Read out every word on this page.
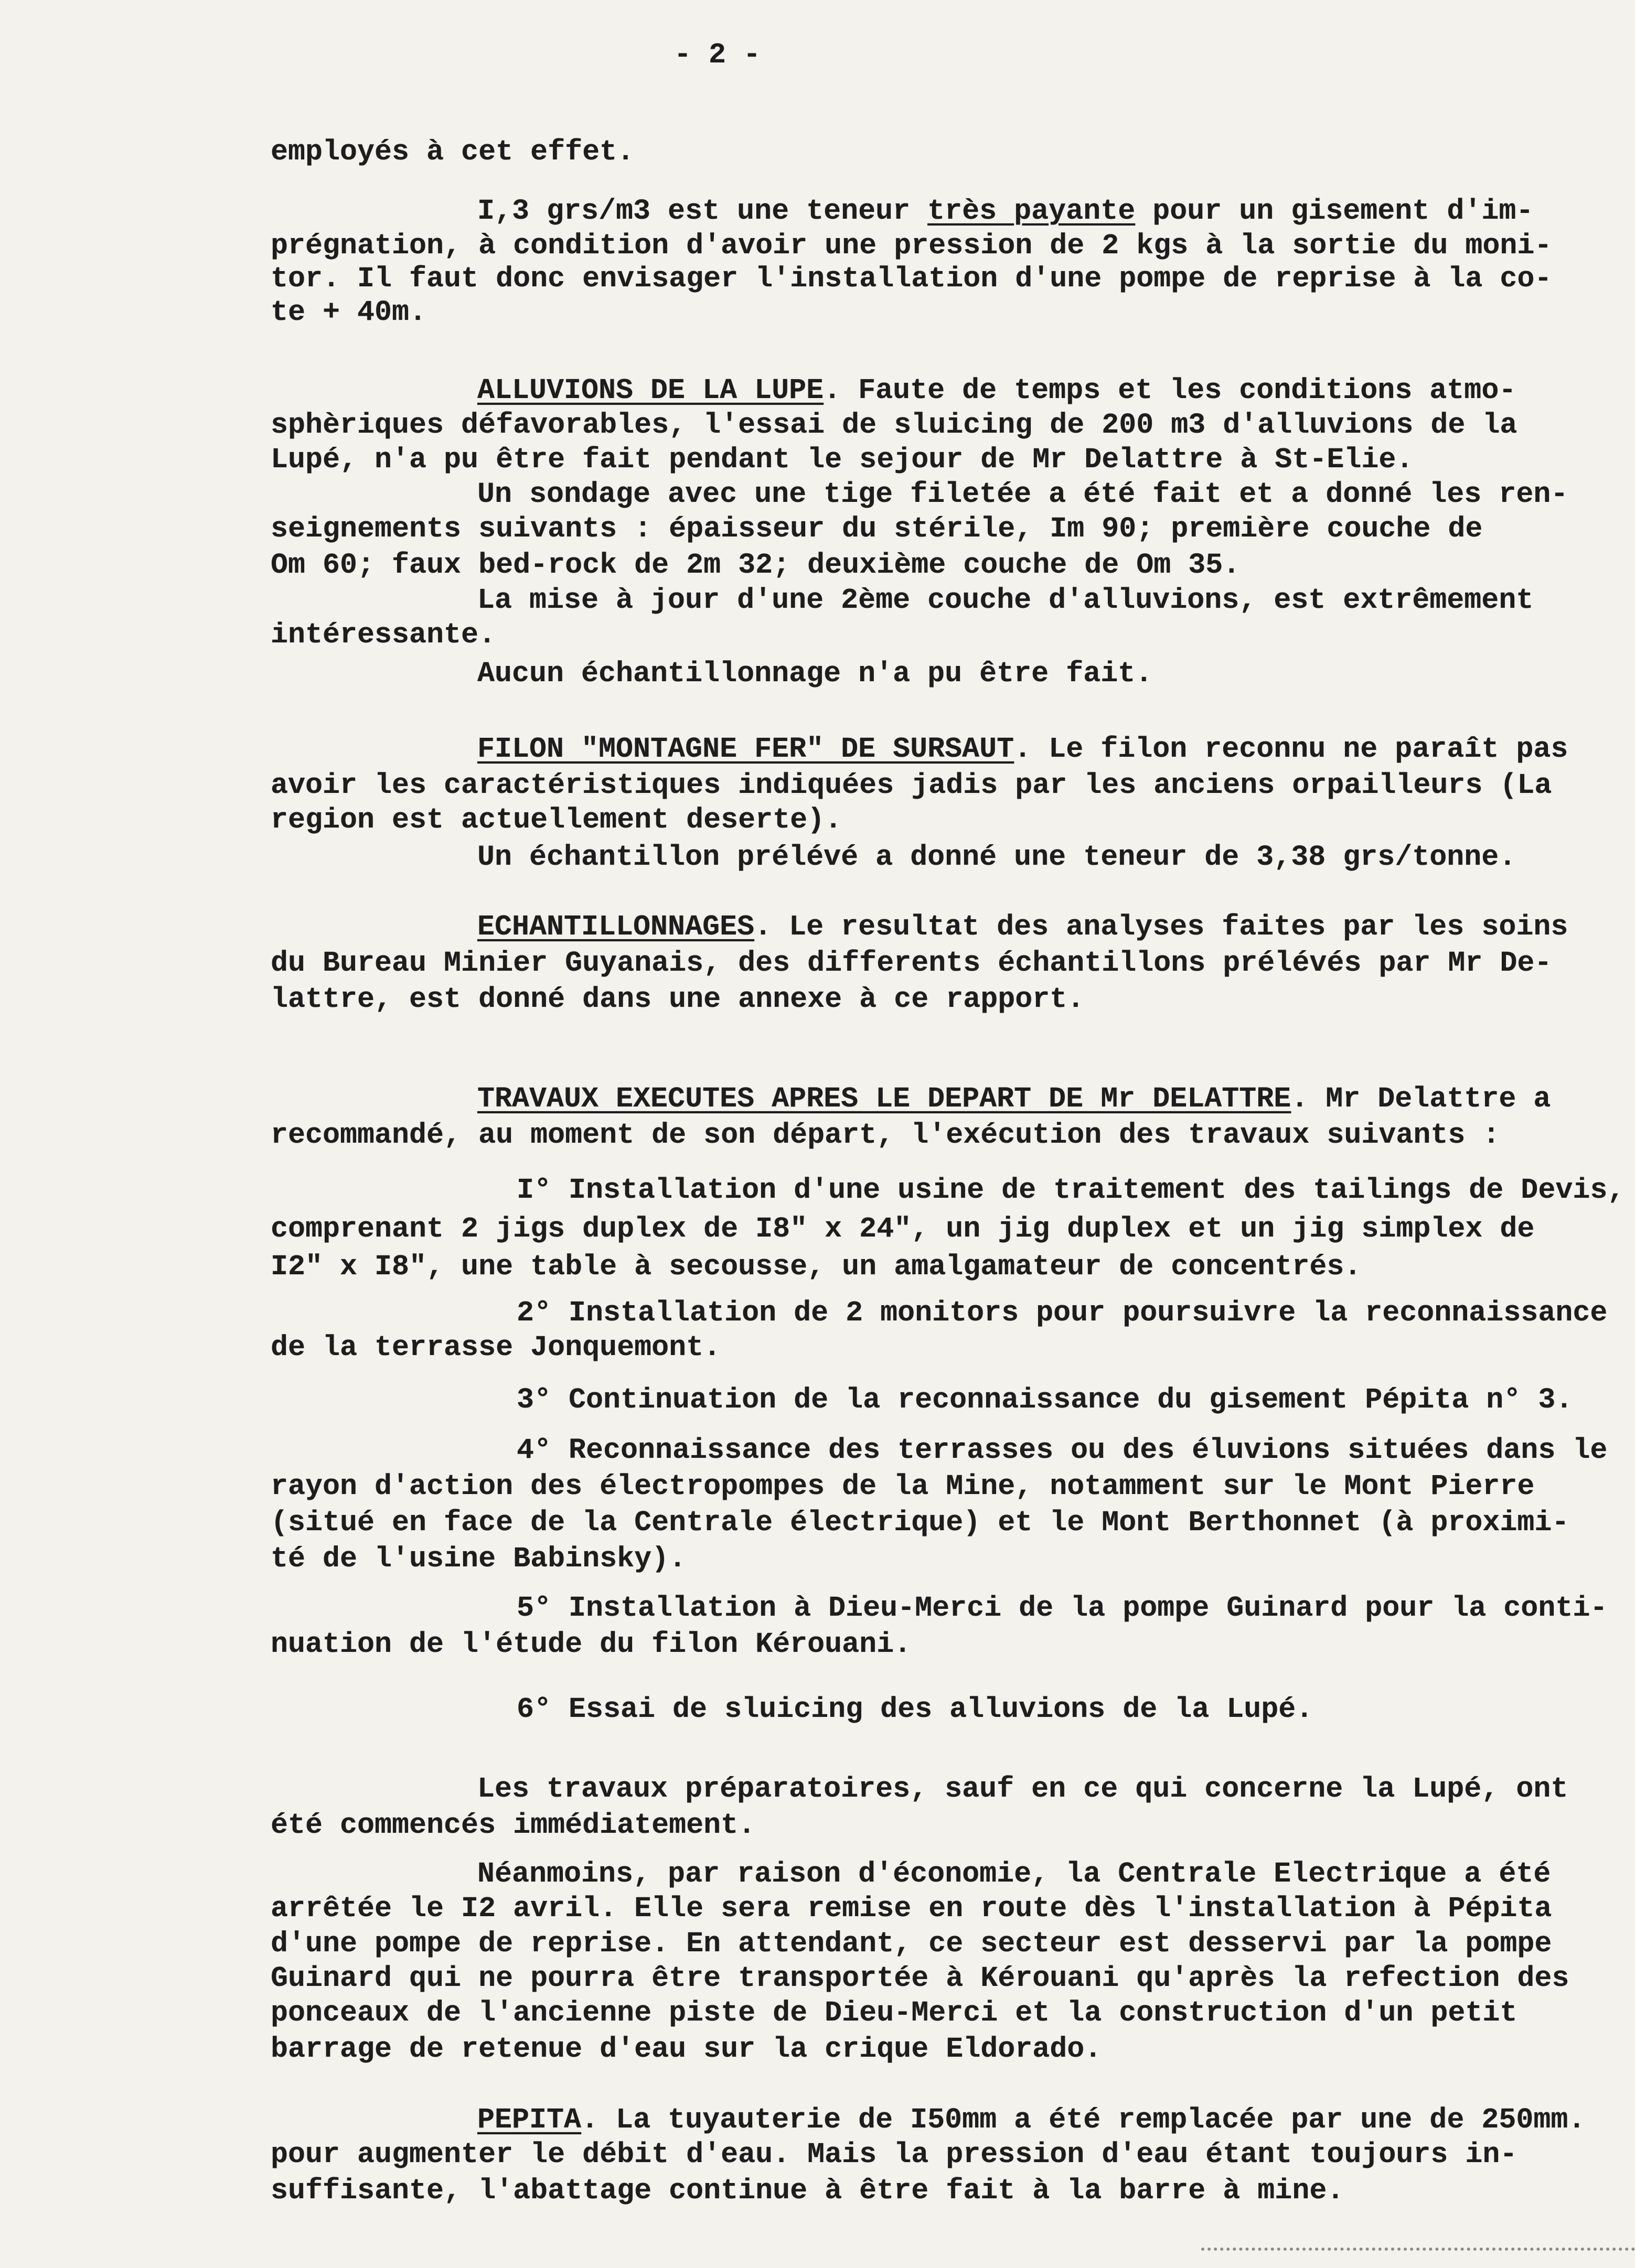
- 2 -
employés à cet effet.
I,3 grs/m3 est une teneur très payante pour un gisement d'im-
prégnation, à condition d'avoir une pression de 2 kgs à la sortie du moni-
tor. Il faut donc envisager l'installation d'une pompe de reprise à la co-
te + 40m.
ALLUVIONS DE LA LUPE. Faute de temps et les conditions atmo-
sphèriques défavorables, l'essai de sluicing de 200 m3 d'alluvions de la
Lupé, n'a pu être fait pendant le sejour de Mr Delattre à St-Elie.
Un sondage avec une tige filetée a été fait et a donné les ren-
seignements suivants : épaisseur du stérile, Im 90; première couche de
Om 60; faux bed-rock de 2m 32; deuxième couche de Om 35.
La mise à jour d'une 2ème couche d'alluvions, est extrêmement
intéressante.
Aucun échantillonnage n'a pu être fait.
FILON "MONTAGNE FER" DE SURSAUT. Le filon reconnu ne paraît pas
avoir les caractéristiques indiquées jadis par les anciens orpailleurs (La
region est actuellement deserte).
Un échantillon prélévé a donné une teneur de 3,38 grs/tonne.
ECHANTILLONNAGES. Le resultat des analyses faites par les soins
du Bureau Minier Guyanais, des differents échantillons prélévés par Mr De-
lattre, est donné dans une annexe à ce rapport.
TRAVAUX EXECUTES APRES LE DEPART DE Mr DELATTRE. Mr Delattre a
recommandé, au moment de son départ, l'exécution des travaux suivants :
I° Installation d'une usine de traitement des tailings de Devis,
comprenant 2 jigs duplex de I8" x 24", un jig duplex et un jig simplex de
I2" x I8", une table à secousse, un amalgamateur de concentrés.
2° Installation de 2 monitors pour poursuivre la reconnaissance
de la terrasse Jonquemont.
3° Continuation de la reconnaissance du gisement Pépita n° 3.
4° Reconnaissance des terrasses ou des éluvions situées dans le
rayon d'action des électropompes de la Mine, notamment sur le Mont Pierre
(situé en face de la Centrale électrique) et le Mont Berthonnet (à proximi-
té de l'usine Babinsky).
5° Installation à Dieu-Merci de la pompe Guinard pour la conti-
nuation de l'étude du filon Kérouani.
6° Essai de sluicing des alluvions de la Lupé.
Les travaux préparatoires, sauf en ce qui concerne la Lupé, ont
été commencés immédiatement.
Néanmoins, par raison d'économie, la Centrale Electrique a été
arrêtée le I2 avril. Elle sera remise en route dès l'installation à Pépita
d'une pompe de reprise. En attendant, ce secteur est desservi par la pompe
Guinard qui ne pourra être transportée à Kérouani qu'après la refection des
ponceaux de l'ancienne piste de Dieu-Merci et la construction d'un petit
barrage de retenue d'eau sur la crique Eldorado.
PEPITA. La tuyauterie de I50mm a été remplacée par une de 250mm.
pour augmenter le débit d'eau. Mais la pression d'eau étant toujours in-
suffisante, l'abattage continue à être fait à la barre à mine.
